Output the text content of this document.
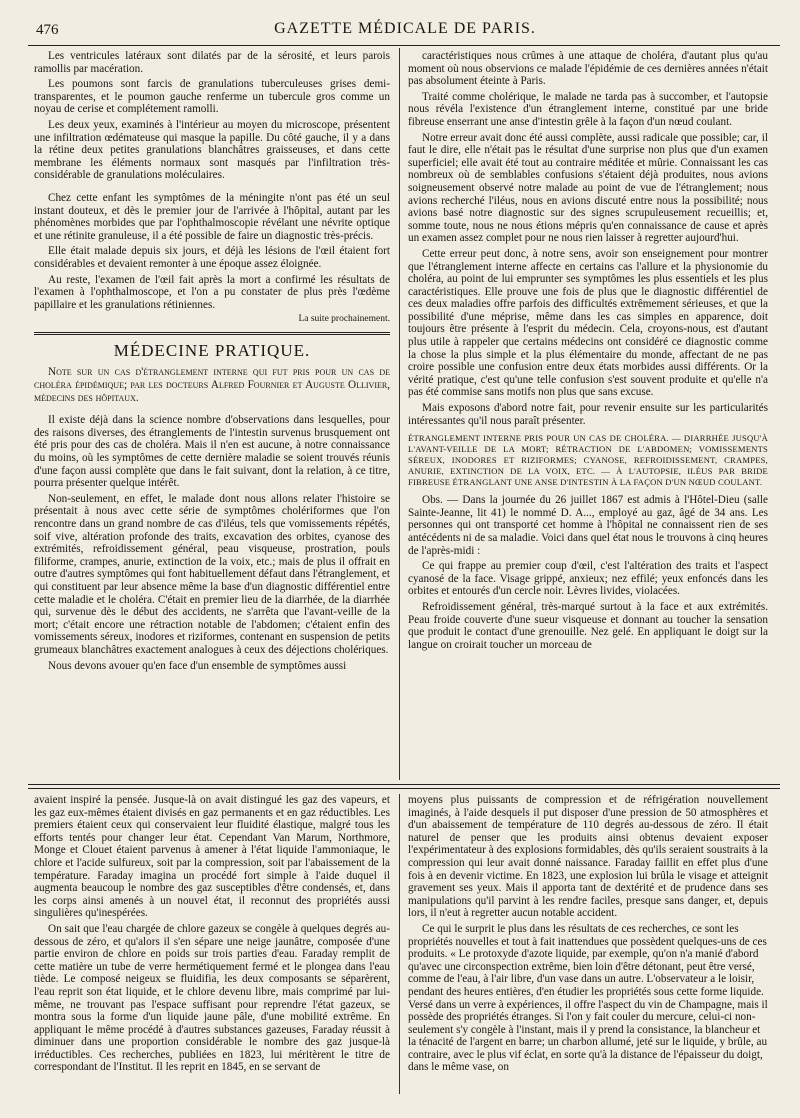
476	GAZETTE MÉDICALE DE PARIS.

Les ventricules latéraux sont dilatés par de la sérosité, et leurs parois ramollis par macération.

Les poumons sont farcis de granulations tuberculeuses grises demi-transparentes, et le poumon gauche renferme un tubercule gros comme un noyau de cerise et complétement ramolli.

Les deux yeux, examinés à l'intérieur au moyen du microscope, présentent une infiltration œdémateuse qui masque la papille. Du côté gauche, il y a dans la rétine deux petites granulations blanchâtres graisseuses, et dans cette membrane les éléments normaux sont masqués par l'infiltration très-considérable de granulations moléculaires.

Chez cette enfant les symptômes de la méningite n'ont pas été un seul instant douteux, et dès le premier jour de l'arrivée à l'hôpital, autant par les phénomènes morbides que par l'ophthalmoscopie révélant une névrite optique et une rétinite granuleuse, il a été possible de faire un diagnostic très-précis.

Elle était malade depuis six jours, et déjà les lésions de l'œil étaient fort considérables et devaient remonter à une époque assez éloignée.

Au reste, l'examen de l'œil fait après la mort a confirmé les résultats de l'examen à l'ophthalmoscope, et l'on a pu constater de plus près l'œdème papillaire et les granulations rétiniennes.

La suite prochainement.
MÉDECINE PRATIQUE.

Note sur un cas d'étranglement interne qui fut pris pour un cas de choléra épidémique; par les docteurs Alfred Fournier et Auguste Ollivier, médecins des hôpitaux.

Il existe déjà dans la science nombre d'observations dans lesquelles, pour des raisons diverses, des étranglements de l'intestin survenus brusquement ont été pris pour des cas de choléra. Mais il n'en est aucune, à notre connaissance du moins, où les symptômes de cette dernière maladie se soient trouvés réunis d'une façon aussi complète que dans le fait suivant, dont la relation, à ce titre, pourra présenter quelque intérêt.

Non-seulement, en effet, le malade dont nous allons relater l'histoire se présentait à nous avec cette série de symptômes cholériformes que l'on rencontre dans un grand nombre de cas d'iléus, tels que vomissements répétés, soif vive, altération profonde des traits, excavation des orbites, cyanose des extrémités, refroidissement général, peau visqueuse, prostration, pouls filiforme, crampes, anurie, extinction de la voix, etc.; mais de plus il offrait en outre d'autres symptômes qui font habituellement défaut dans l'étranglement, et qui constituent par leur absence même la base d'un diagnostic différentiel entre cette maladie et le choléra. C'était en premier lieu de la diarrhée, de la diarrhée qui, survenue dès le début des accidents, ne s'arrêta que l'avant-veille de la mort; c'était encore une rétraction notable de l'abdomen; c'étaient enfin des vomissements séreux, inodores et riziformes, contenant en suspension de petits grumeaux blanchâtres exactement analogues à ceux des déjections cholériques.

Nous devons avouer qu'en face d'un ensemble de symptômes aussi

caractéristiques nous crûmes à une attaque de choléra, d'autant plus qu'au moment où nous observions ce malade l'épidémie de ces dernières années n'était pas absolument éteinte à Paris.

Traité comme cholérique, le malade ne tarda pas à succomber, et l'autopsie nous révéla l'existence d'un étranglement interne, constitué par une bride fibreuse enserrant une anse d'intestin grêle à la façon d'un nœud coulant.

Notre erreur avait donc été aussi complète, aussi radicale que possible; car, il faut le dire, elle n'était pas le résultat d'une surprise non plus que d'un examen superficiel; elle avait été tout au contraire méditée et mûrie. Connaissant les cas nombreux où de semblables confusions s'étaient déjà produites, nous avions soigneusement observé notre malade au point de vue de l'étranglement; nous avions recherché l'iléus, nous en avions discuté entre nous la possibilité; nous avions basé notre diagnostic sur des signes scrupuleusement recueillis; et, somme toute, nous ne nous étions mépris qu'en connaissance de cause et après un examen assez complet pour ne nous rien laisser à regretter aujourd'hui.

Cette erreur peut donc, à notre sens, avoir son enseignement pour montrer que l'étranglement interne affecte en certains cas l'allure et la physionomie du choléra, au point de lui emprunter ses symptômes les plus essentiels et les plus caractéristiques. Elle prouve une fois de plus que le diagnostic différentiel de ces deux maladies offre parfois des difficultés extrêmement sérieuses, et que la possibilité d'une méprise, même dans les cas simples en apparence, doit toujours être présente à l'esprit du médecin. Cela, croyons-nous, est d'autant plus utile à rappeler que certains médecins ont considéré ce diagnostic comme la chose la plus simple et la plus élémentaire du monde, affectant de ne pas croire possible une confusion entre deux états morbides aussi différents. Or la vérité pratique, c'est qu'une telle confusion s'est souvent produite et qu'elle n'a pas été commise sans motifs non plus que sans excuse.

Mais exposons d'abord notre fait, pour revenir ensuite sur les particularités intéressantes qu'il nous paraît présenter.

ÉTRANGLEMENT INTERNE PRIS POUR UN CAS DE CHOLÉRA. — DIARRHÉE JUSQU'À L'AVANT-VEILLE DE LA MORT; RÉTRACTION DE L'ABDOMEN; VOMISSEMENTS SÉREUX, INODORES ET RIZIFORMES; CYANOSE, REFROIDISSEMENT, CRAMPES, ANURIE, EXTINCTION DE LA VOIX, ETC. — À L'AUTOPSIE, ILÉUS PAR BRIDE FIBREUSE ÉTRANGLANT UNE ANSE D'INTESTIN À LA FAÇON D'UN NŒUD COULANT.

Obs. — Dans la journée du 26 juillet 1867 est admis à l'Hôtel-Dieu (salle Sainte-Jeanne, lit 41) le nommé D. A..., employé au gaz, âgé de 34 ans. Les personnes qui ont transporté cet homme à l'hôpital ne connaissent rien de ses antécédents ni de sa maladie. Voici dans quel état nous le trouvons à cinq heures de l'après-midi :

Ce qui frappe au premier coup d'œil, c'est l'altération des traits et l'aspect cyanosé de la face. Visage grippé, anxieux; nez effilé; yeux enfoncés dans les orbites et entourés d'un cercle noir. Lèvres livides, violacées.

Refroidissement général, très-marqué surtout à la face et aux extrémités. Peau froide couverte d'une sueur visqueuse et donnant au toucher la sensation que produit le contact d'une grenouille. Nez gelé. En appliquant le doigt sur la langue on croirait toucher un morceau de

avaient inspiré la pensée. Jusque-là on avait distingué les gaz des vapeurs, et les gaz eux-mêmes étaient divisés en gaz permanents et en gaz réductibles. Les premiers étaient ceux qui conservaient leur fluidité élastique, malgré tous les efforts tentés pour changer leur état. Cependant Van Marum, Northmore, Monge et Clouet étaient parvenus à amener à l'état liquide l'ammoniaque, le chlore et l'acide sulfureux, soit par la compression, soit par l'abaissement de la température. Faraday imagina un procédé fort simple à l'aide duquel il augmenta beaucoup le nombre des gaz susceptibles d'être condensés, et, dans les corps ainsi amenés à un nouvel état, il reconnut des propriétés aussi singulières qu'inespérées.

On sait que l'eau chargée de chlore gazeux se congèle à quelques degrés au-dessous de zéro, et qu'alors il s'en sépare une neige jaunâtre, composée d'une partie environ de chlore en poids sur trois parties d'eau. Faraday remplit de cette matière un tube de verre hermétiquement fermé et le plongea dans l'eau tiède. Le composé neigeux se fluidifia, les deux composants se séparèrent, l'eau reprit son état liquide, et le chlore devenu libre, mais comprimé par lui-même, ne trouvant pas l'espace suffisant pour reprendre l'état gazeux, se montra sous la forme d'un liquide jaune pâle, d'une mobilité extrême. En appliquant le même procédé à d'autres substances gazeuses, Faraday réussit à diminuer dans une proportion considérable le nombre des gaz jusque-là irréductibles. Ces recherches, publiées en 1823, lui méritèrent le titre de correspondant de l'Institut. Il les reprit en 1845, en se servant de

moyens plus puissants de compression et de réfrigération nouvellement imaginés, à l'aide desquels il put disposer d'une pression de 50 atmosphères et d'un abaissement de température de 110 degrés au-dessous de zéro. Il était naturel de penser que les produits ainsi obtenus devaient exposer l'expérimentateur à des explosions formidables, dès qu'ils seraient soustraits à la compression qui leur avait donné naissance. Faraday faillit en effet plus d'une fois à en devenir victime. En 1823, une explosion lui brûla le visage et atteignit gravement ses yeux. Mais il apporta tant de dextérité et de prudence dans ses manipulations qu'il parvint à les rendre faciles, presque sans danger, et, depuis lors, il n'eut à regretter aucun notable accident.

Ce qui le surprit le plus dans les résultats de ces recherches, ce sont les propriétés nouvelles et tout à fait inattendues que possèdent quelques-uns de ces produits. « Le protoxyde d'azote liquide, par exemple, qu'on n'a manié d'abord qu'avec une circonspection extrême, bien loin d'être détonant, peut être versé, comme de l'eau, à l'air libre, d'un vase dans un autre. L'observateur a le loisir, pendant des heures entières, d'en étudier les propriétés sous cette forme liquide. Versé dans un verre à expériences, il offre l'aspect du vin de Champagne, mais il possède des propriétés étranges. Si l'on y fait couler du mercure, celui-ci non-seulement s'y congèle à l'instant, mais il y prend la consistance, la blancheur et la ténacité de l'argent en barre; un charbon allumé, jeté sur le liquide, y brûle, au contraire, avec le plus vif éclat, en sorte qu'à la distance de l'épaisseur du doigt, dans le même vase, on
